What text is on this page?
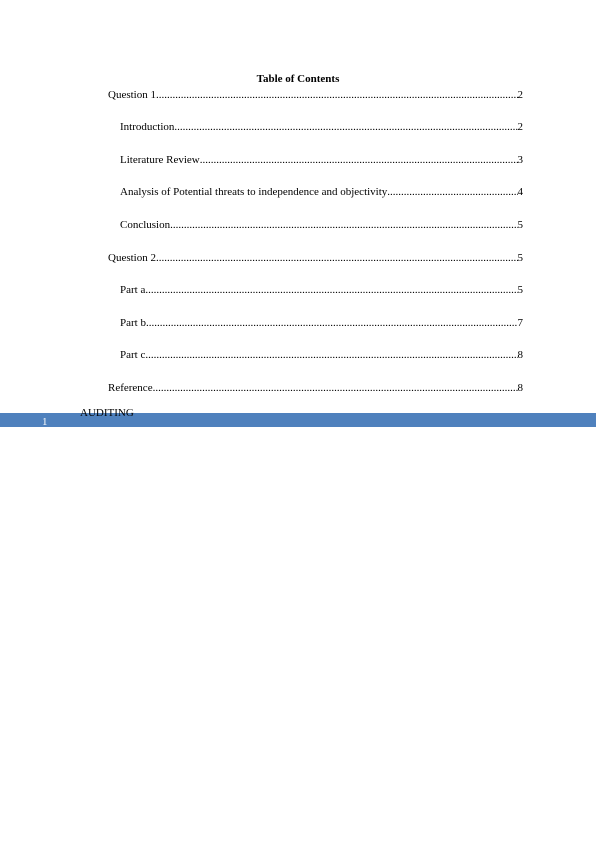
Table of Contents
Question 1 .....	2
Introduction .....	2
Literature Review .....	3
Analysis of Potential threats to independence and objectivity .....	4
Conclusion .....	5
Question 2 .....	5
Part a .....	5
Part b .....	7
Part c .....	8
Reference .....	8
1
AUDITING
